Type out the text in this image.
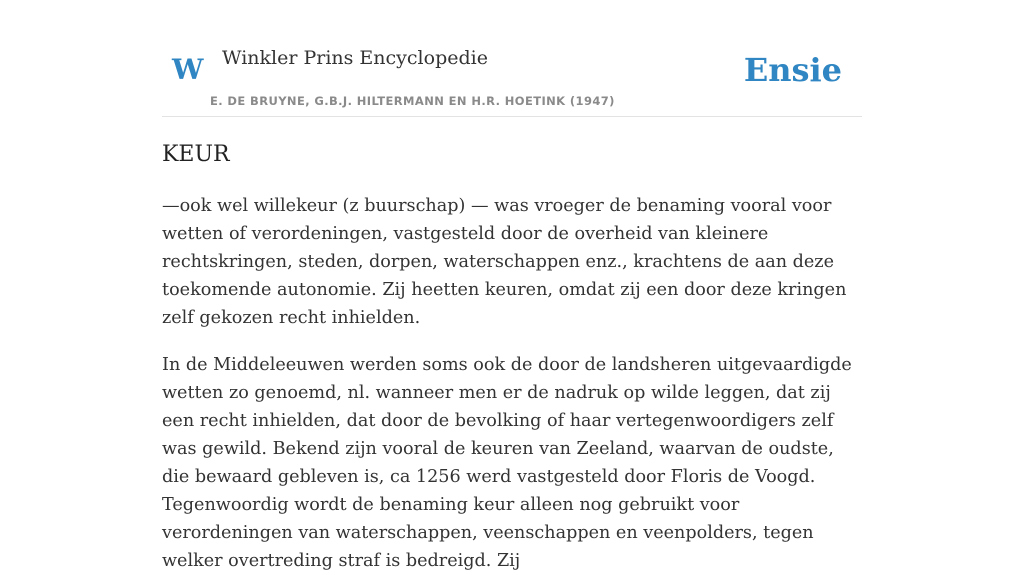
W Winkler Prins Encyclopedie
E. DE BRUYNE, G.B.J. HILTERMANN EN H.R. HOETINK (1947)
Ensie
KEUR

—ook wel willekeur (z buurschap) — was vroeger de benaming vooral voor wetten of verordeningen, vastgesteld door de overheid van kleinere rechtskringen, steden, dorpen, waterschappen enz., krachtens de aan deze toekomende autonomie. Zij heetten keuren, omdat zij een door deze kringen zelf gekozen recht inhielden.

In de Middeleeuwen werden soms ook de door de landsheren uitgevaardigde wetten zo genoemd, nl. wanneer men er de nadruk op wilde leggen, dat zij een recht inhielden, dat door de bevolking of haar vertegenwoordigers zelf was gewild. Bekend zijn vooral de keuren van Zeeland, waarvan de oudste, die bewaard gebleven is, ca 1256 werd vastgesteld door Floris de Voogd. Tegenwoordig wordt de benaming keur alleen nog gebruikt voor verordeningen van waterschappen, veenschappen en veenpolders, tegen welker overtreding straf is bedreigd. Zij
